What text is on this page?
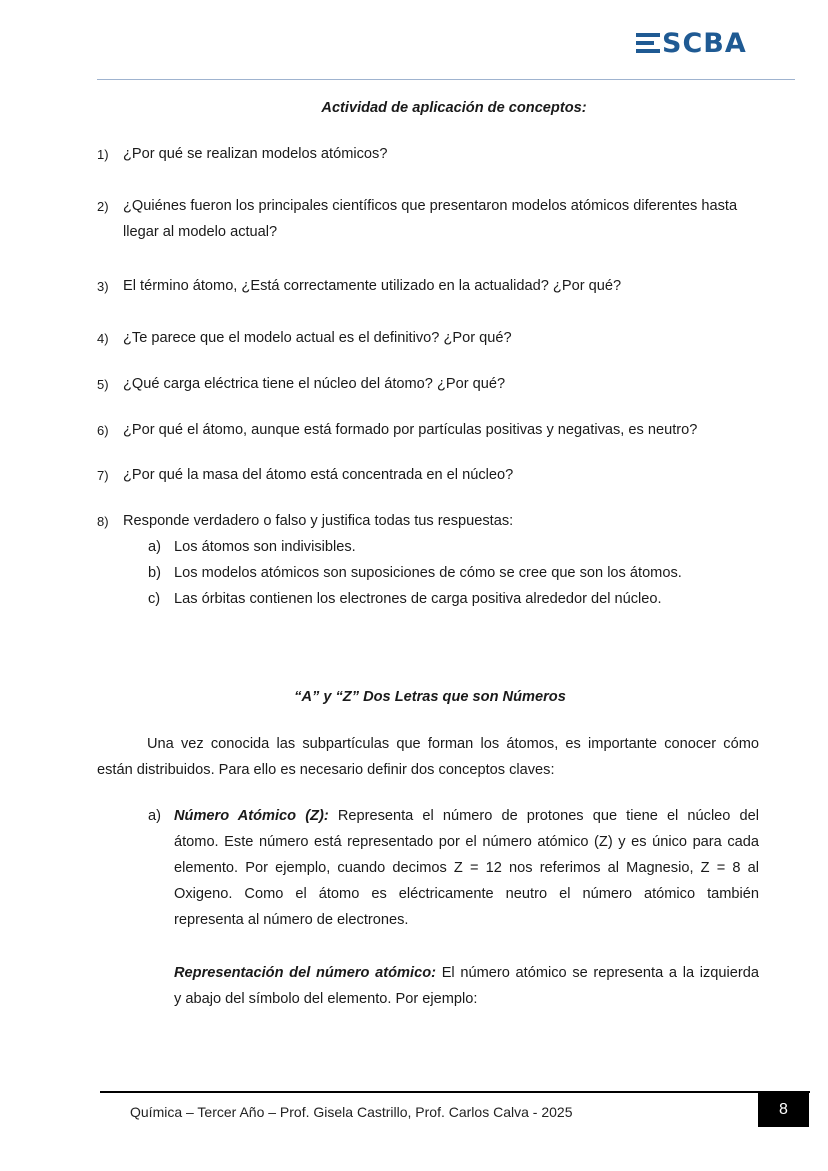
SCBA
Actividad de aplicación de conceptos:
1) ¿Por qué se realizan modelos atómicos?
2) ¿Quiénes fueron los principales científicos que presentaron modelos atómicos diferentes hasta
llegar al modelo actual?
3) El término átomo, ¿Está correctamente utilizado en la actualidad? ¿Por qué?
4) ¿Te parece que el modelo actual es el definitivo? ¿Por qué?
5) ¿Qué carga eléctrica tiene el núcleo del átomo? ¿Por qué?
6) ¿Por qué el átomo, aunque está formado por partículas positivas y negativas, es neutro?
7) ¿Por qué la masa del átomo está concentrada en el núcleo?
8) Responde verdadero o falso y justifica todas tus respuestas:
a) Los átomos son indivisibles.
b) Los modelos atómicos son suposiciones de cómo se cree que son los átomos.
c) Las órbitas contienen los electrones de carga positiva alrededor del núcleo.
“A” y “Z” Dos Letras que son Números
Una vez conocida las subpartículas que forman los átomos, es importante conocer cómo
están distribuidos. Para ello es necesario definir dos conceptos claves:
a) Número Atómico (Z): Representa el número de protones que tiene el núcleo del
átomo. Este número está representado por el número atómico (Z) y es único para cada
elemento. Por ejemplo, cuando decimos Z = 12 nos referimos al Magnesio, Z = 8 al
Oxigeno. Como el átomo es eléctricamente neutro el número atómico también
representa al número de electrones.
Representación del número atómico: El número atómico se representa a la izquierda
y abajo del símbolo del elemento. Por ejemplo:
Química – Tercer Año – Prof. Gisela Castrillo, Prof. Carlos Calva - 2025	8
